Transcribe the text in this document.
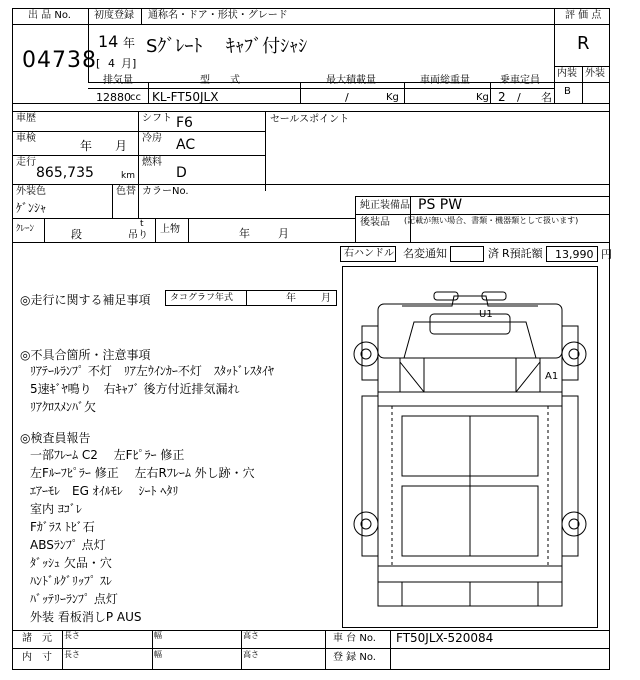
出 品 No.
04738
初度登録 通称名・ドア・形状・グレード
14 年
[ 4 月]
Sｸﾞﾚｰﾄ　 ｷｬﾌﾞ付ｼｬｼ
評 価 点
R
内装 外装
B
排気量	型　　式	最大積載量	車両総重量	乗車定員
12880 cc KL-FT50JLX	/	Kg	Kg 2 / 名
車歴	シフト F6
車検
年 月
冷房 AC
走行
865,735	km
燃料
D
セールスポイント
外装色
ｹﾞﾝｼｬ
色替 カラーNo.
純正装備品 PS PW
後装品 (記載が無い場合、書類・機器類として扱います)
ｸﾚｰﾝ	段
t
吊り
上物	年	月
右ハンドル 名変通知	済 R預託額 13,990 円
◎走行に関する補足事項 タコグラフ年式	年	月
◎不具合箇所・注意事項
ﾘｱﾃｰﾙﾗﾝﾌﾟ 不灯　ﾘｱ左ｳｲﾝｶｰ不灯　ｽﾀｯﾄﾞﾚｽﾀｲﾔ
5速ｷﾞﾔ鳴り　右ｷｬﾌﾞ 後方付近排気漏れ
ﾘｱｸﾛｽﾒﾝﾊﾞ欠
◎検査員報告
一部ﾌﾚｰﾑ C2　 左Fﾋﾟﾗｰ 修正
左Fﾙｰﾌﾋﾟﾗｰ 修正　 左右Rﾌﾚｰﾑ 外し跡・穴
ｴｱｰﾓﾚ　EG ｵｲﾙﾓﾚ　 ｼｰﾄ ﾍﾀﾘ
室内 ﾖｺﾞﾚ
Fｶﾞﾗｽ ﾄﾋﾞ石
ABSﾗﾝﾌﾟ 点灯
ﾀﾞｯｼｭ 欠品・穴
ﾊﾝﾄﾞﾙｸﾞﾘｯﾌﾟ ｽﾚ
ﾊﾞｯﾃﾘｰﾗﾝﾌﾟ 点灯
外装 看板消しP AUS
U1
A1
諸　元
内　寸
長さ
長さ
幅
幅
高さ
高さ
車 台 No. FT50JLX-520084
登 録 No.
